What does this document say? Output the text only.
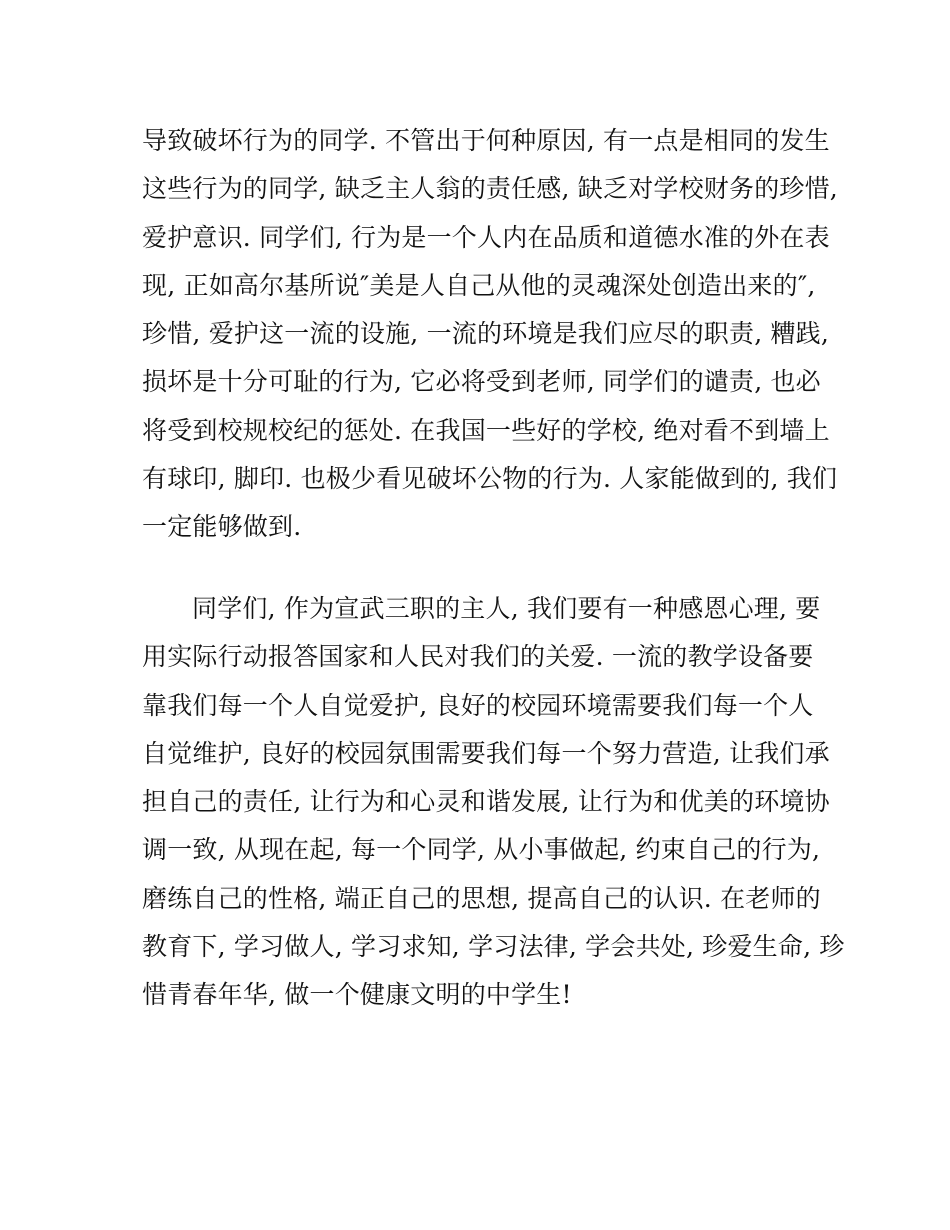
导致破坏行为的同学. 不管出于何种原因, 有一点是相同的发生
这些行为的同学, 缺乏主人翁的责任感, 缺乏对学校财务的珍惜,
爱护意识. 同学们, 行为是一个人内在品质和道德水准的外在表
现, 正如高尔基所说″美是人自己从他的灵魂深处创造出来的″,
珍惜, 爱护这一流的设施, 一流的环境是我们应尽的职责, 糟践,
损坏是十分可耻的行为, 它必将受到老师, 同学们的谴责, 也必
将受到校规校纪的惩处. 在我国一些好的学校, 绝对看不到墙上
有球印, 脚印. 也极少看见破坏公物的行为. 人家能做到的, 我们
一定能够做到.
同学们, 作为宣武三职的主人, 我们要有一种感恩心理, 要
用实际行动报答国家和人民对我们的关爱. 一流的教学设备要
靠我们每一个人自觉爱护, 良好的校园环境需要我们每一个人
自觉维护, 良好的校园氛围需要我们每一个努力营造, 让我们承
担自己的责任, 让行为和心灵和谐发展, 让行为和优美的环境协
调一致, 从现在起, 每一个同学, 从小事做起, 约束自己的行为,
磨练自己的性格, 端正自己的思想, 提高自己的认识. 在老师的
教育下, 学习做人, 学习求知, 学习法律, 学会共处, 珍爱生命, 珍
惜青春年华, 做一个健康文明的中学生!
